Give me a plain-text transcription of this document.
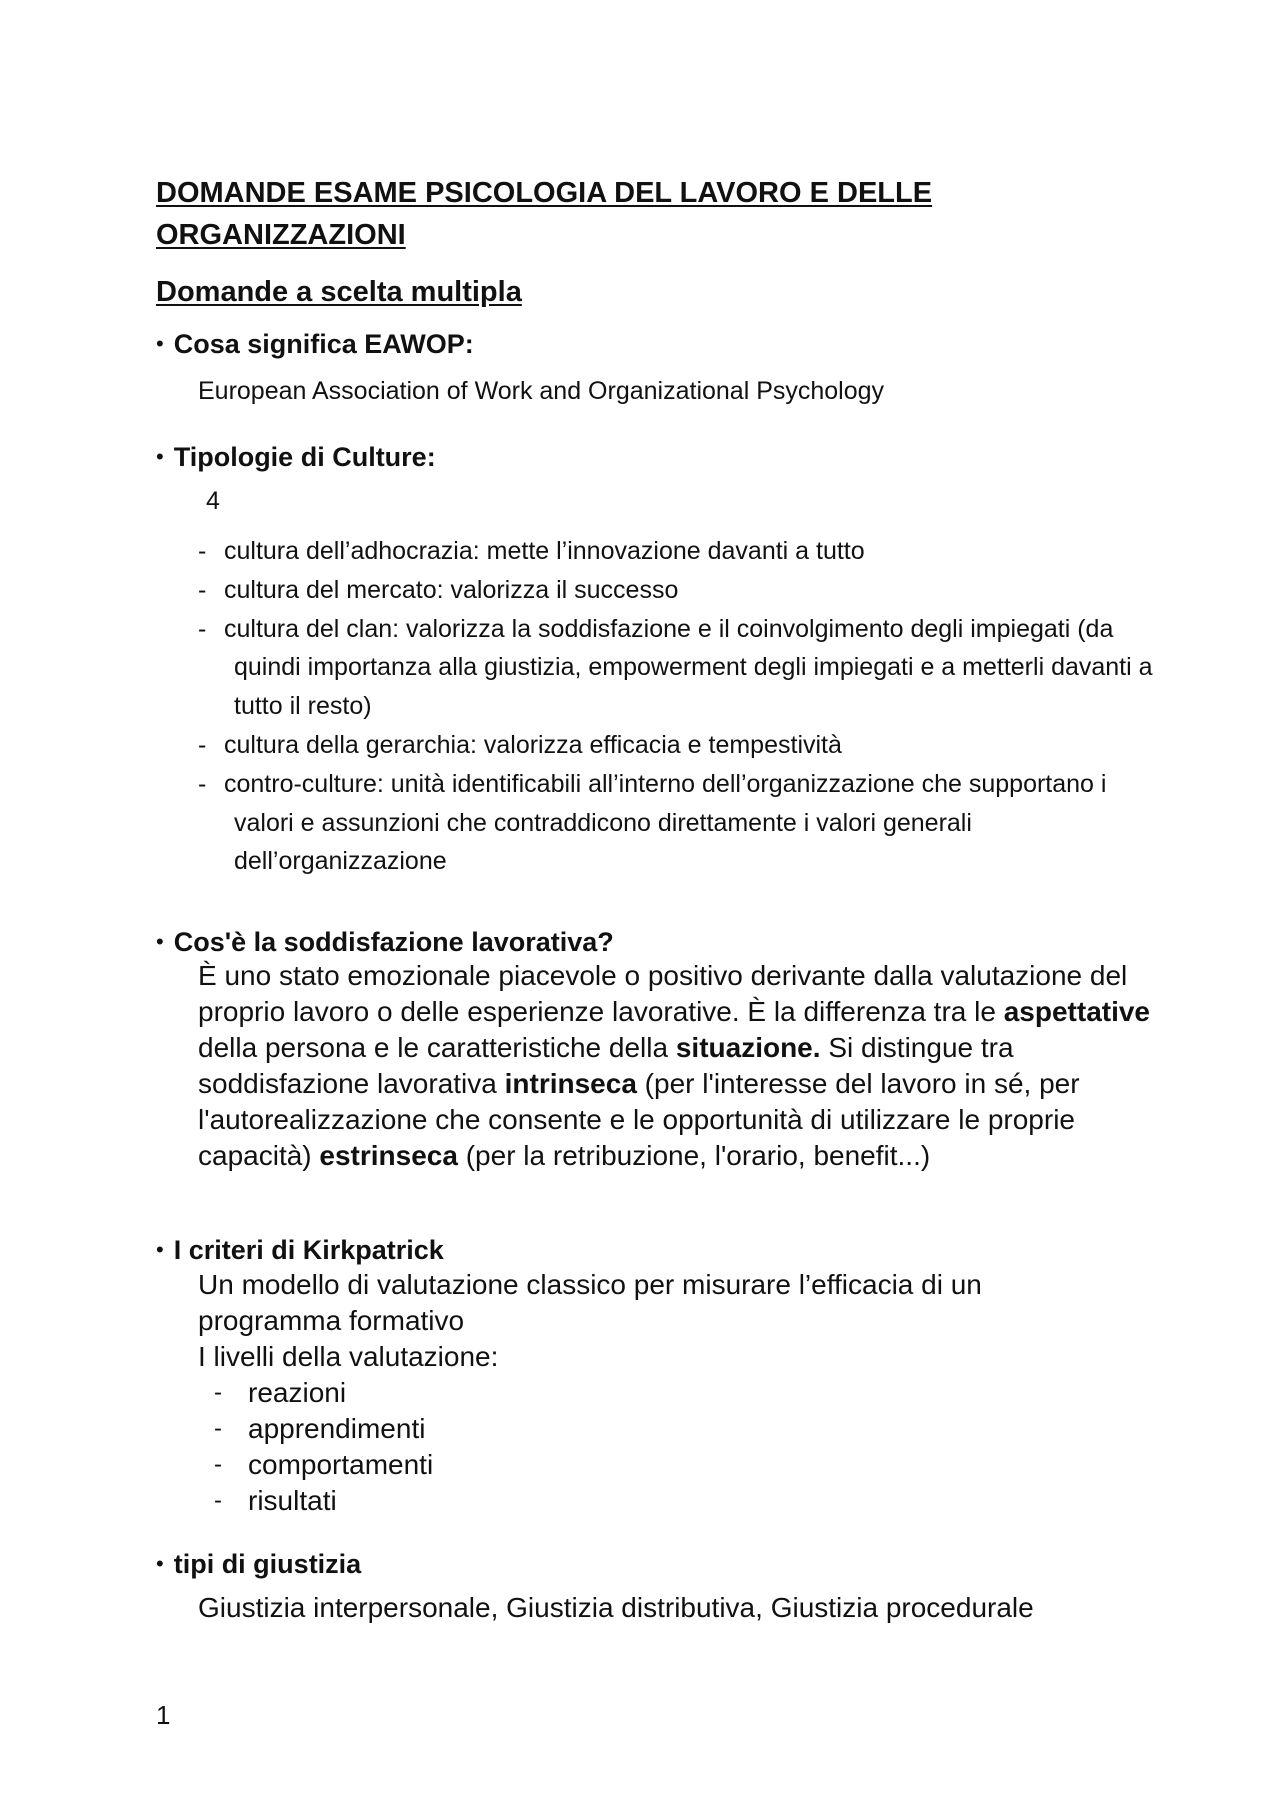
DOMANDE ESAME PSICOLOGIA DEL LAVORO E DELLE ORGANIZZAZIONI
Domande a scelta multipla
• Cosa significa EAWOP:
European Association of Work and Organizational Psychology
• Tipologie di Culture:
4
- cultura dell’adhocrazia: mette l’innovazione davanti a tutto
- cultura del mercato: valorizza il successo
- cultura del clan: valorizza la soddisfazione e il coinvolgimento degli impiegati (da quindi importanza alla giustizia, empowerment degli impiegati e a metterli davanti a tutto il resto)
- cultura della gerarchia: valorizza efficacia e tempestività
- contro-culture: unità identificabili all’interno dell’organizzazione che supportano i valori e assunzioni che contraddicono direttamente i valori generali dell’organizzazione
• Cos'è la soddisfazione lavorativa?
È uno stato emozionale piacevole o positivo derivante dalla valutazione del proprio lavoro o delle esperienze lavorative. È la differenza tra le aspettative della persona e le caratteristiche della situazione. Si distingue tra soddisfazione lavorativa intrinseca (per l'interesse del lavoro in sé, per l'autorealizzazione che consente e le opportunità di utilizzare le proprie capacità) estrinseca (per la retribuzione, l'orario, benefit...)
• I criteri di Kirkpatrick
Un modello di valutazione classico per misurare l’efficacia di un programma formativo
I livelli della valutazione:
- reazioni
- apprendimenti
- comportamenti
- risultati
• tipi di giustizia
Giustizia interpersonale, Giustizia distributiva, Giustizia procedurale
1
